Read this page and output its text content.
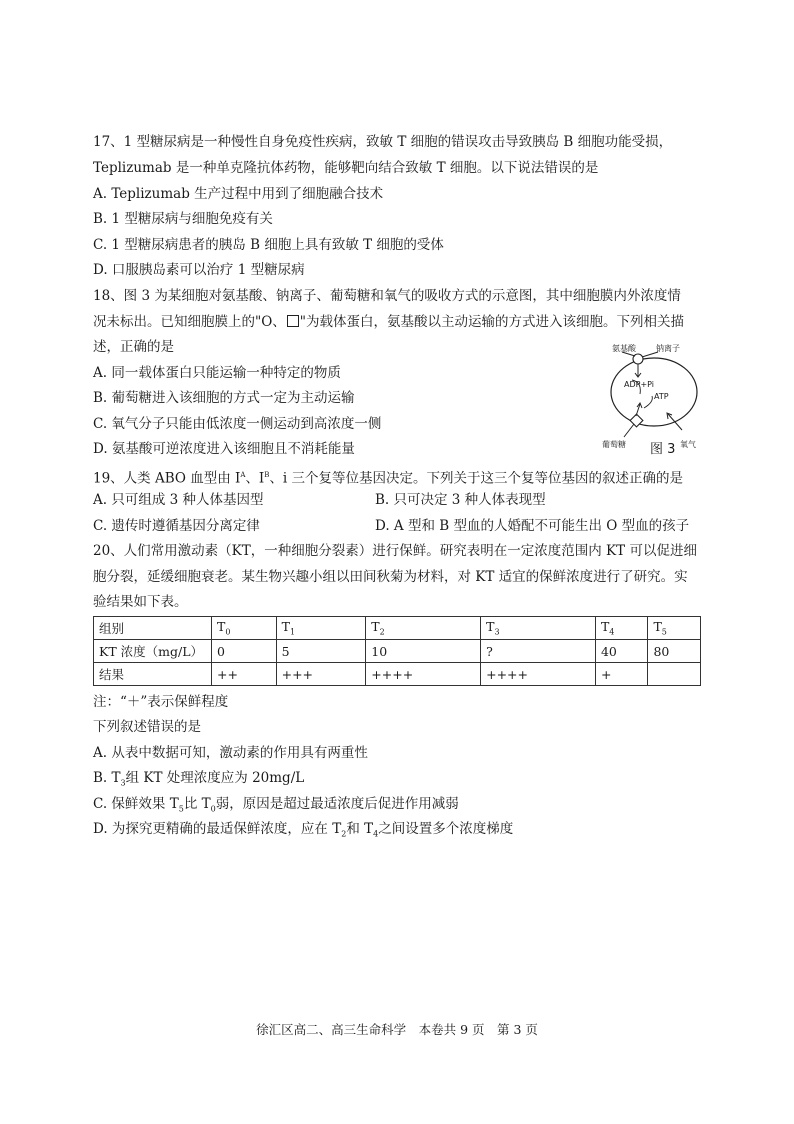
17、1 型糖尿病是一种慢性自身免疫性疾病，致敏 T 细胞的错误攻击导致胰岛 B 细胞功能受损，
Teplizumab 是一种单克隆抗体药物，能够靶向结合致敏 T 细胞。以下说法错误的是
A. Teplizumab 生产过程中用到了细胞融合技术
B. 1 型糖尿病与细胞免疫有关
C. 1 型糖尿病患者的胰岛 B 细胞上具有致敏 T 细胞的受体
D. 口服胰岛素可以治疗 1 型糖尿病
18、图 3 为某细胞对氨基酸、钠离子、葡萄糖和氧气的吸收方式的示意图，其中细胞膜内外浓度情
况未标出。已知细胞膜上的"O、 "为载体蛋白，氨基酸以主动运输的方式进入该细胞。下列相关描
述，正确的是
A. 同一载体蛋白只能运输一种特定的物质
B. 葡萄糖进入该细胞的方式一定为主动运输
C. 氧气分子只能由低浓度一侧运动到高浓度一侧
D. 氨基酸可逆浓度进入该细胞且不消耗能量
氨基酸	钠离子
ADP+Pi
ATP
葡萄糖	氧气
图 3
19、人类 ABO 血型由 $I^A$、$I^B$、i 三个复等位基因决定。下列关于这三个复等位基因的叙述正确的是
A. 只可组成 3 种人体基因型	B. 只可决定 3 种人体表现型
C. 遗传时遵循基因分离定律	D. A 型和 B 型血的人婚配不可能生出 O 型血的孩子
20、人们常用激动素（KT，一种细胞分裂素）进行保鲜。研究表明在一定浓度范围内 KT 可以促进细
胞分裂，延缓细胞衰老。某生物兴趣小组以田间秋菊为材料，对 KT 适宜的保鲜浓度进行了研究。实
验结果如下表。
组别	$T_0$	$T_1$	$T_2$	$T_3$	$T_4$	$T_5$
KT 浓度（mg/L）	0	5	10	?	40	80
结果	++	+++	++++	++++	+	
注：“＋”表示保鲜程度
下列叙述错误的是
A. 从表中数据可知，激动素的作用具有两重性
B. $T_3$组 KT 处理浓度应为 20mg/L
C. 保鲜效果 $T_5$比 $T_0$弱，原因是超过最适浓度后促进作用减弱
D. 为探究更精确的最适保鲜浓度，应在 $T_2$和 $T_4$之间设置多个浓度梯度
徐汇区高二、高三生命科学　本卷共 9 页　第 3 页
